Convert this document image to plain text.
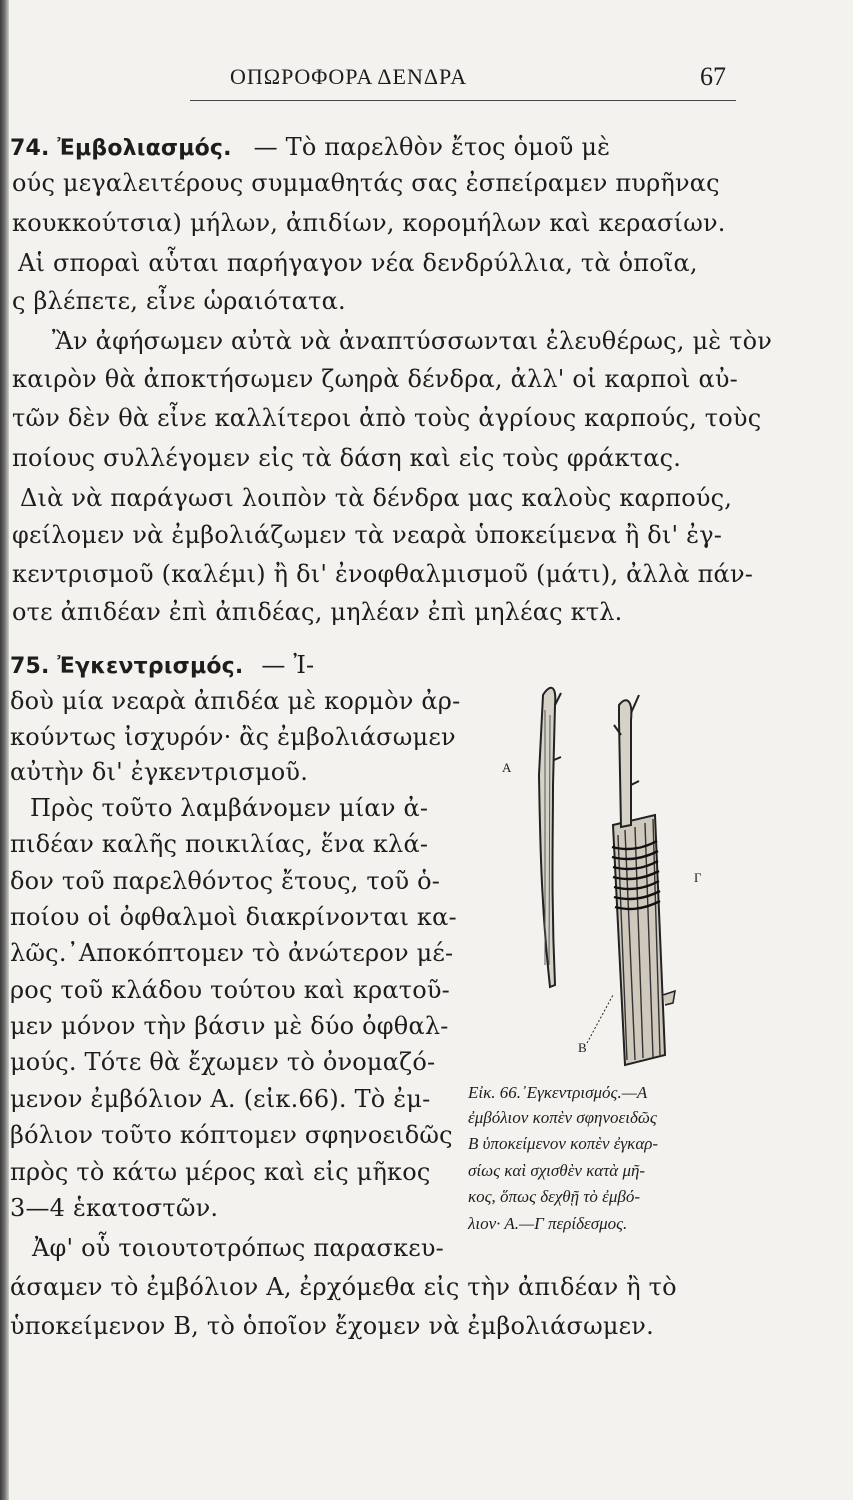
ΟΠΩΡΟΦΟΡΑ ΔΕΝΔΡΑ	67
74. Ἐμβολιασμός. — Τὸ παρελθὸν ἔτος ὁμοῦ μὲ
ούς μεγαλειτέρους συμμαθητάς σας ἐσπείραμεν πυρῆνας
κουκκούτσια) μήλων, ἀπιδίων, κορομήλων καὶ κερασίων.
Αἱ σποραὶ αὗται παρήγαγον νέα δενδρύλλια, τὰ ὁποῖα,
ς βλέπετε, εἶνε ὡραιότατα.
Ἂν ἀφήσωμεν αὐτὰ νὰ ἀναπτύσσωνται ἐλευθέρως, μὲ τὸν
καιρὸν θὰ ἀποκτήσωμεν ζωηρὰ δένδρα, ἀλλ' οἱ καρποὶ αὐ-
τῶν δὲν θὰ εἶνε καλλίτεροι ἀπὸ τοὺς ἀγρίους καρπούς, τοὺς
ποίους συλλέγομεν εἰς τὰ δάση καὶ εἰς τοὺς φράκτας.
Διὰ νὰ παράγωσι λοιπὸν τὰ δένδρα μας καλοὺς καρπούς,
φείλομεν νὰ ἐμβολιάζωμεν τὰ νεαρὰ ὑποκείμενα ἢ δι' ἐγ-
κεντρισμοῦ (καλέμι) ἢ δι' ἐνοφθαλμισμοῦ (μάτι), ἀλλὰ πάν-
οτε ἀπιδέαν ἐπὶ ἀπιδέας, μηλέαν ἐπὶ μηλέας κτλ.
75. Ἐγκεντρισμός. — Ἰ-
δοὺ μία νεαρὰ ἀπιδέα μὲ κορμὸν ἀρ-
κούντως ἰσχυρόν· ἂς ἐμβολιάσωμεν
αὐτὴν δι' ἐγκεντρισμοῦ.
Πρὸς τοῦτο λαμβάνομεν μίαν ἀ-
πιδέαν καλῆς ποικιλίας, ἕνα κλά-
δον τοῦ παρελθόντος ἔτους, τοῦ ὁ-
ποίου οἱ ὀφθαλμοὶ διακρίνονται κα-
λῶς.᾿Αποκόπτομεν τὸ ἀνώτερον μέ-
ρος τοῦ κλάδου τούτου καὶ κρατοῦ-
μεν μόνον τὴν βάσιν μὲ δύο ὀφθαλ-
μούς. Τότε θὰ ἔχωμεν τὸ ὀνομαζό-
μενον ἐμβόλιον Α. (εἰκ.66). Τὸ ἐμ-
βόλιον τοῦτο κόπτομεν σφηνοειδῶς
πρὸς τὸ κάτω μέρος καὶ εἰς μῆκος
3—4 ἑκατοστῶν.
Ἀφ' οὗ τοιουτοτρόπως παρασκευ-
άσαμεν τὸ ἐμβόλιον Α, ἐρχόμεθα εἰς τὴν ἀπιδέαν ἢ τὸ
ὑποκείμενον Β, τὸ ὁποῖον ἔχομεν νὰ ἐμβολιάσωμεν.
Α
Γ
Β
Εἰκ. 66.᾿Εγκεντρισμός.—Α
ἐμβόλιον κοπὲν σφηνοειδῶς
Β ὑποκείμενον κοπὲν ἐγκαρ-
σίως καὶ σχισθὲν κατὰ μῆ-
κος, ὅπως δεχθῇ τὸ ἐμβό-
λιον· Α.—Γ περίδεσμος.
